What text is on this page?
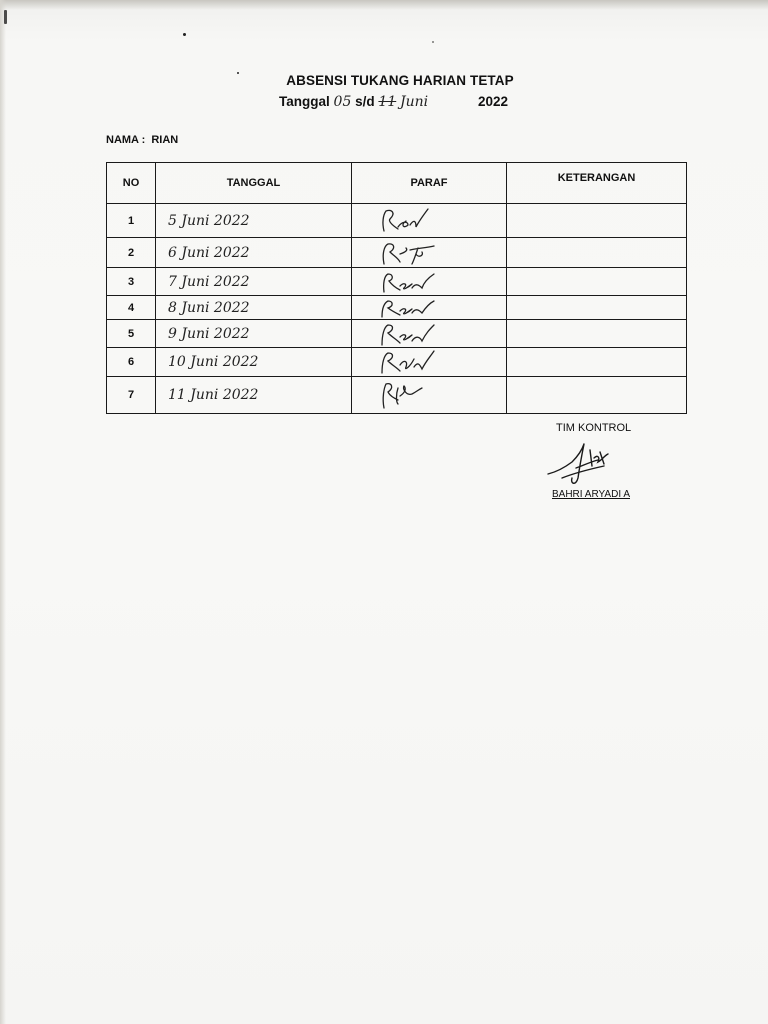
ABSENSI TUKANG HARIAN TETAP
Tanggal 05 s/d 11 Juni	2022
NAMA : RIAN
NO	TANGGAL	PARAF	KETERANGAN
1	5 Juni 2022	

2	6 Juni 2022	

3	7 Juni 2022	

4	8 Juni 2022	

5	9 Juni 2022	

6	10 Juni 2022	

7	11 Juni 2022	

TIM KONTROL
BAHRI ARYADI A
